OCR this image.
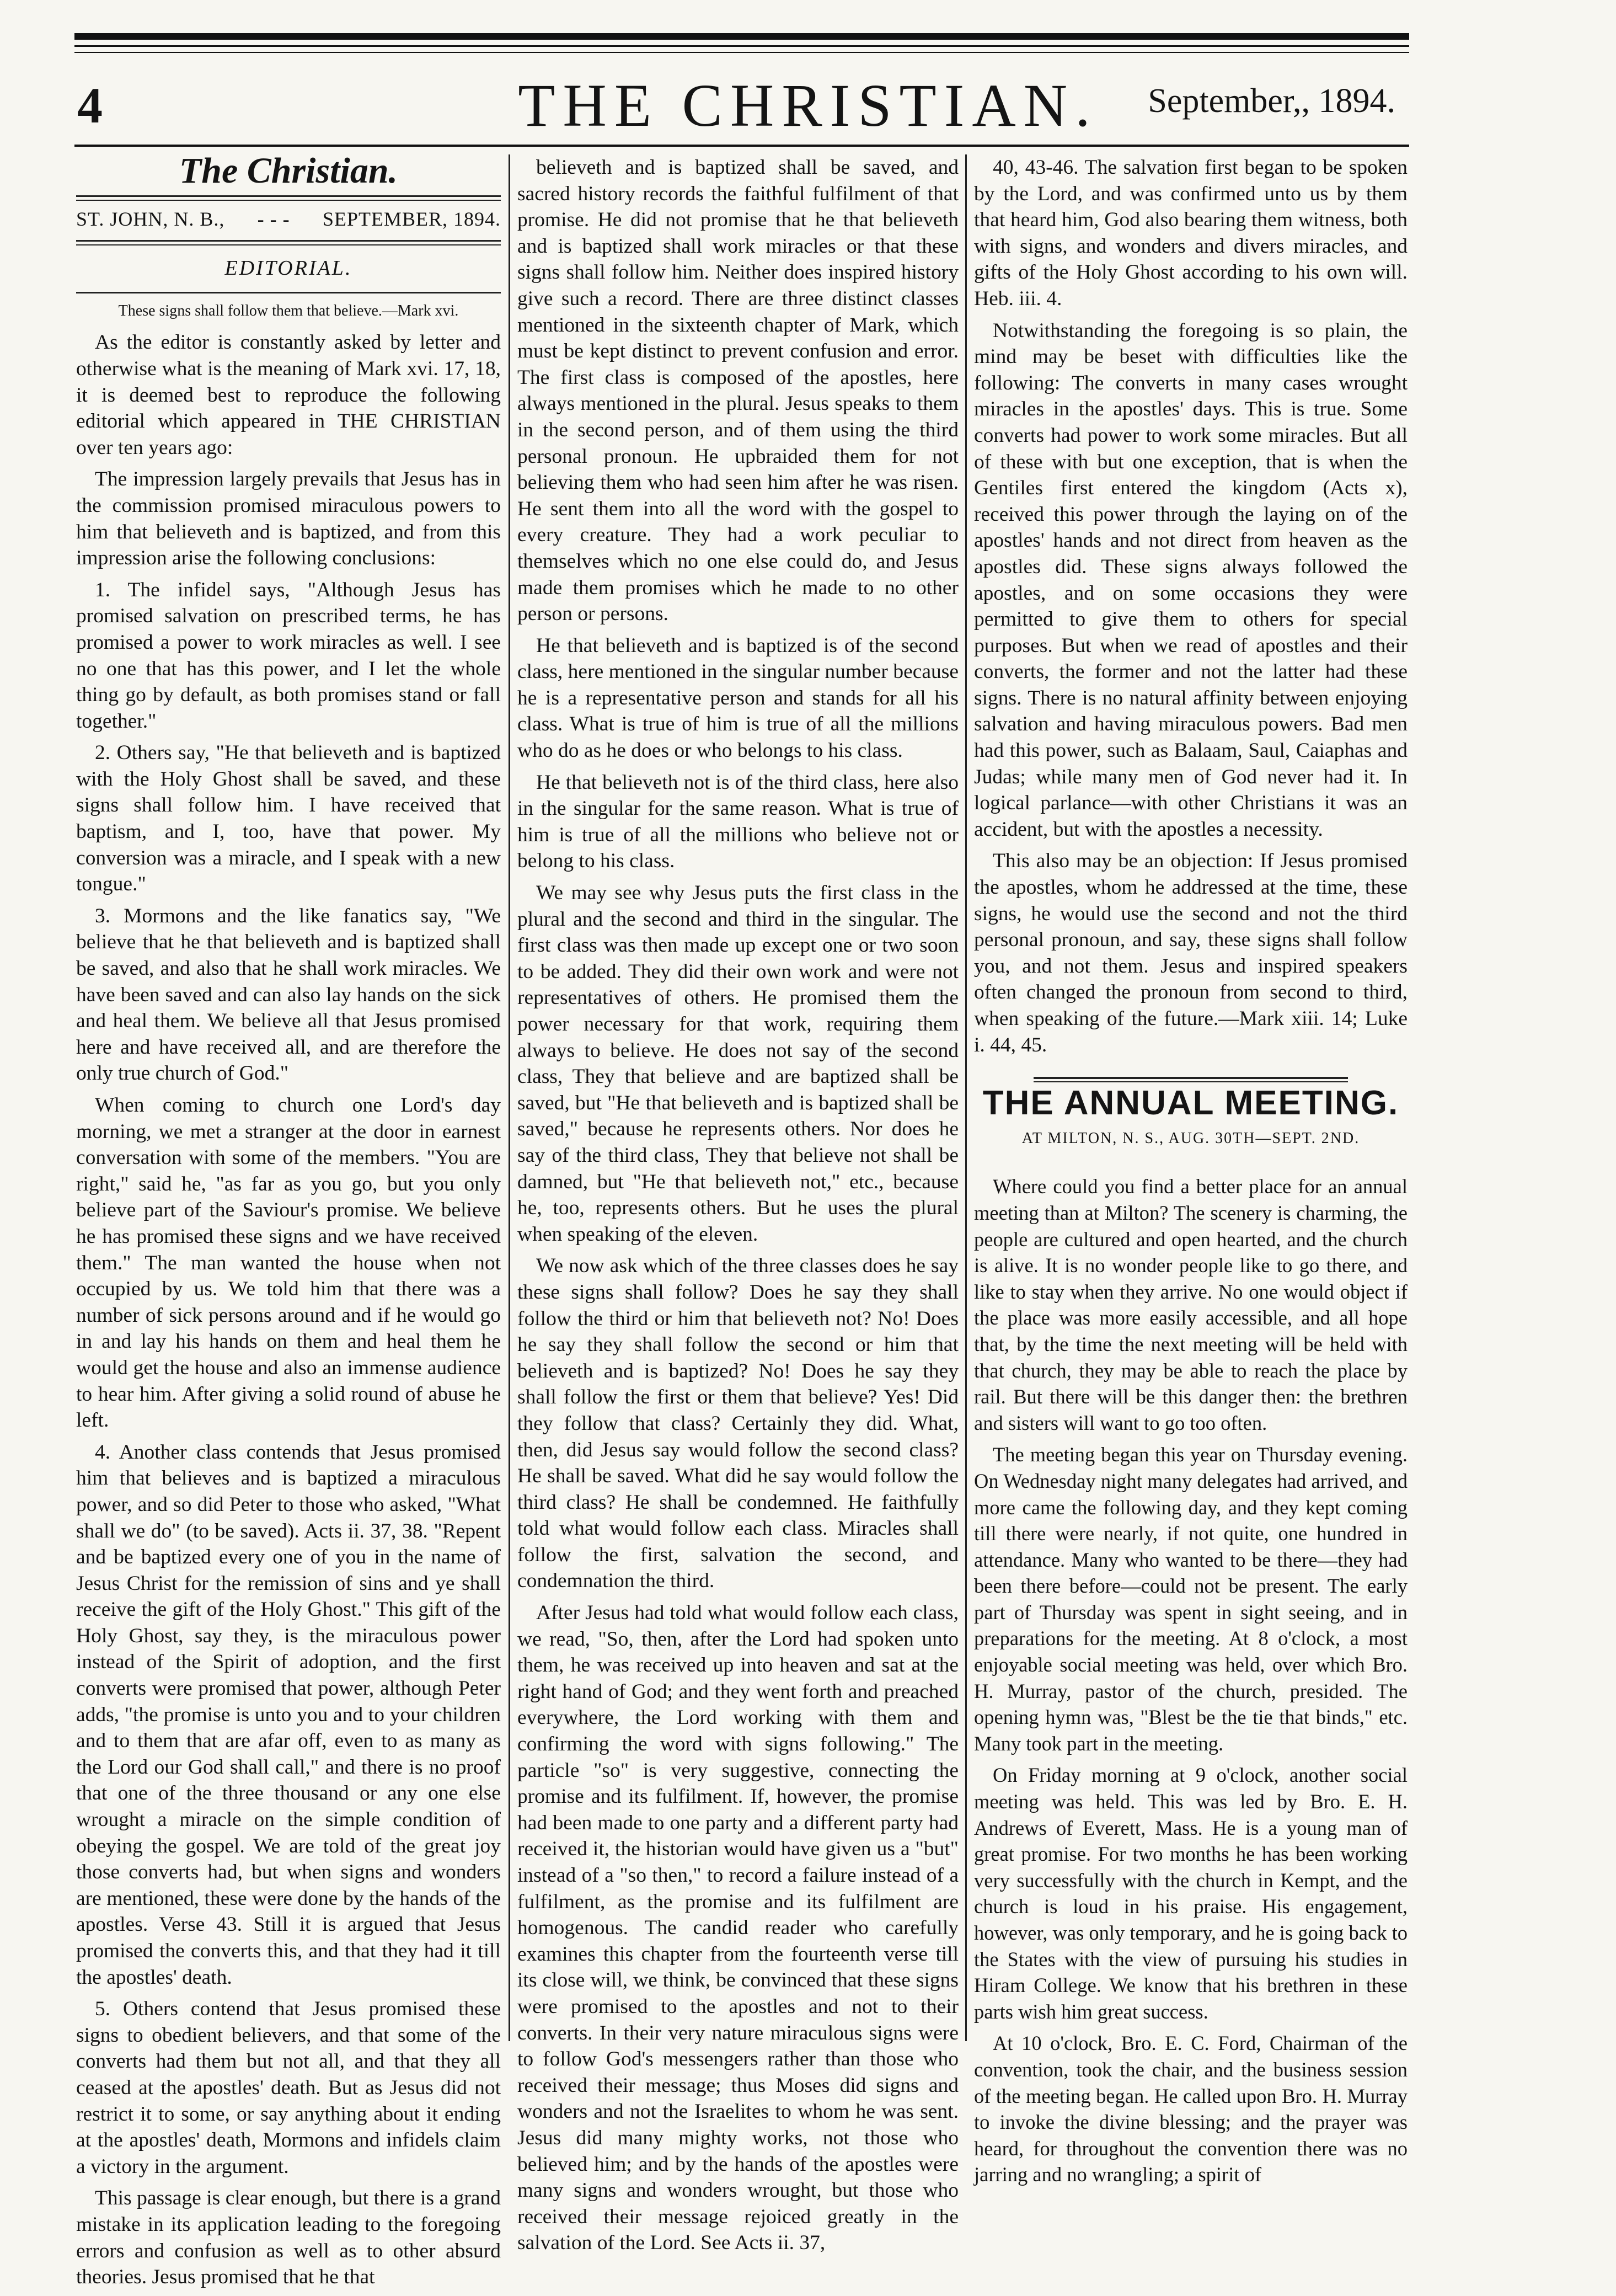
4	THE CHRISTIAN.	September,, 1894.
The Christian.
ST. JOHN, N. B., - - - SEPTEMBER, 1894.
EDITORIAL.
These signs shall follow them that believe.—Mark xvi.

As the editor is constantly asked by letter and otherwise what is the meaning of Mark xvi. 17, 18, it is deemed best to reproduce the following editorial which appeared in THE CHRISTIAN over ten years ago:

The impression largely prevails that Jesus has in the commission promised miraculous powers to him that believeth and is baptized, and from this impression arise the following conclusions:

1. The infidel says, "Although Jesus has promised salvation on prescribed terms, he has promised a power to work miracles as well. I see no one that has this power, and I let the whole thing go by default, as both promises stand or fall together."

2. Others say, "He that believeth and is baptized with the Holy Ghost shall be saved, and these signs shall follow him. I have received that baptism, and I, too, have that power. My conversion was a miracle, and I speak with a new tongue."

3. Mormons and the like fanatics say, "We believe that he that believeth and is baptized shall be saved, and also that he shall work miracles. We have been saved and can also lay hands on the sick and heal them. We believe all that Jesus promised here and have received all, and are therefore the only true church of God."

When coming to church one Lord's day morning, we met a stranger at the door in earnest conversation with some of the members. "You are right," said he, "as far as you go, but you only believe part of the Saviour's promise. We believe he has promised these signs and we have received them." The man wanted the house when not occupied by us. We told him that there was a number of sick persons around and if he would go in and lay his hands on them and heal them he would get the house and also an immense audience to hear him. After giving a solid round of abuse he left.

4. Another class contends that Jesus promised him that believes and is baptized a miraculous power, and so did Peter to those who asked, "What shall we do" (to be saved). Acts ii. 37, 38. "Repent and be baptized every one of you in the name of Jesus Christ for the remission of sins and ye shall receive the gift of the Holy Ghost." This gift of the Holy Ghost, say they, is the miraculous power instead of the Spirit of adoption, and the first converts were promised that power, although Peter adds, "the promise is unto you and to your children and to them that are afar off, even to as many as the Lord our God shall call," and there is no proof that one of the three thousand or any one else wrought a miracle on the simple condition of obeying the gospel. We are told of the great joy those converts had, but when signs and wonders are mentioned, these were done by the hands of the apostles. Verse 43. Still it is argued that Jesus promised the converts this, and that they had it till the apostles' death.

5. Others contend that Jesus promised these signs to obedient believers, and that some of the converts had them but not all, and that they all ceased at the apostles' death. But as Jesus did not restrict it to some, or say anything about it ending at the apostles' death, Mormons and infidels claim a victory in the argument.

This passage is clear enough, but there is a grand mistake in its application leading to the foregoing errors and confusion as well as to other absurd theories. Jesus promised that he that

believeth and is baptized shall be saved, and sacred history records the faithful fulfilment of that promise. He did not promise that he that believeth and is baptized shall work miracles or that these signs shall follow him. Neither does inspired history give such a record. There are three distinct classes mentioned in the sixteenth chapter of Mark, which must be kept distinct to prevent confusion and error. The first class is composed of the apostles, here always mentioned in the plural. Jesus speaks to them in the second person, and of them using the third personal pronoun. He upbraided them for not believing them who had seen him after he was risen. He sent them into all the word with the gospel to every creature. They had a work peculiar to themselves which no one else could do, and Jesus made them promises which he made to no other person or persons.

He that believeth and is baptized is of the second class, here mentioned in the singular number because he is a representative person and stands for all his class. What is true of him is true of all the millions who do as he does or who belongs to his class.

He that believeth not is of the third class, here also in the singular for the same reason. What is true of him is true of all the millions who believe not or belong to his class.

We may see why Jesus puts the first class in the plural and the second and third in the singular. The first class was then made up except one or two soon to be added. They did their own work and were not representatives of others. He promised them the power necessary for that work, requiring them always to believe. He does not say of the second class, They that believe and are baptized shall be saved, but "He that believeth and is baptized shall be saved," because he represents others. Nor does he say of the third class, They that believe not shall be damned, but "He that believeth not," etc., because he, too, represents others. But he uses the plural when speaking of the eleven.

We now ask which of the three classes does he say these signs shall follow? Does he say they shall follow the third or him that believeth not? No! Does he say they shall follow the second or him that believeth and is baptized? No! Does he say they shall follow the first or them that believe? Yes! Did they follow that class? Certainly they did. What, then, did Jesus say would follow the second class? He shall be saved. What did he say would follow the third class? He shall be condemned. He faithfully told what would follow each class. Miracles shall follow the first, salvation the second, and condemnation the third.

After Jesus had told what would follow each class, we read, "So, then, after the Lord had spoken unto them, he was received up into heaven and sat at the right hand of God; and they went forth and preached everywhere, the Lord working with them and confirming the word with signs following." The particle "so" is very suggestive, connecting the promise and its fulfilment. If, however, the promise had been made to one party and a different party had received it, the historian would have given us a "but" instead of a "so then," to record a failure instead of a fulfilment, as the promise and its fulfilment are homogenous. The candid reader who carefully examines this chapter from the fourteenth verse till its close will, we think, be convinced that these signs were promised to the apostles and not to their converts. In their very nature miraculous signs were to follow God's messengers rather than those who received their message; thus Moses did signs and wonders and not the Israelites to whom he was sent. Jesus did many mighty works, not those who believed him; and by the hands of the apostles were many signs and wonders wrought, but those who received their message rejoiced greatly in the salvation of the Lord. See Acts ii. 37,

40, 43-46. The salvation first began to be spoken by the Lord, and was confirmed unto us by them that heard him, God also bearing them witness, both with signs, and wonders and divers miracles, and gifts of the Holy Ghost according to his own will. Heb. iii. 4.

Notwithstanding the foregoing is so plain, the mind may be beset with difficulties like the following: The converts in many cases wrought miracles in the apostles' days. This is true. Some converts had power to work some miracles. But all of these with but one exception, that is when the Gentiles first entered the kingdom (Acts x), received this power through the laying on of the apostles' hands and not direct from heaven as the apostles did. These signs always followed the apostles, and on some occasions they were permitted to give them to others for special purposes. But when we read of apostles and their converts, the former and not the latter had these signs. There is no natural affinity between enjoying salvation and having miraculous powers. Bad men had this power, such as Balaam, Saul, Caiaphas and Judas; while many men of God never had it. In logical parlance—with other Christians it was an accident, but with the apostles a necessity.

This also may be an objection: If Jesus promised the apostles, whom he addressed at the time, these signs, he would use the second and not the third personal pronoun, and say, these signs shall follow you, and not them. Jesus and inspired speakers often changed the pronoun from second to third, when speaking of the future.—Mark xiii. 14; Luke i. 44, 45.

THE ANNUAL MEETING.
AT MILTON, N. S., AUG. 30TH—SEPT. 2ND.

Where could you find a better place for an annual meeting than at Milton? The scenery is charming, the people are cultured and open hearted, and the church is alive. It is no wonder people like to go there, and like to stay when they arrive. No one would object if the place was more easily accessible, and all hope that, by the time the next meeting will be held with that church, they may be able to reach the place by rail. But there will be this danger then: the brethren and sisters will want to go too often.

The meeting began this year on Thursday evening. On Wednesday night many delegates had arrived, and more came the following day, and they kept coming till there were nearly, if not quite, one hundred in attendance. Many who wanted to be there—they had been there before—could not be present. The early part of Thursday was spent in sight seeing, and in preparations for the meeting. At 8 o'clock, a most enjoyable social meeting was held, over which Bro. H. Murray, pastor of the church, presided. The opening hymn was, "Blest be the tie that binds," etc. Many took part in the meeting.

On Friday morning at 9 o'clock, another social meeting was held. This was led by Bro. E. H. Andrews of Everett, Mass. He is a young man of great promise. For two months he has been working very successfully with the church in Kempt, and the church is loud in his praise. His engagement, however, was only temporary, and he is going back to the States with the view of pursuing his studies in Hiram College. We know that his brethren in these parts wish him great success.

At 10 o'clock, Bro. E. C. Ford, Chairman of the convention, took the chair, and the business session of the meeting began. He called upon Bro. H. Murray to invoke the divine blessing; and the prayer was heard, for throughout the convention there was no jarring and no wrangling; a spirit of
